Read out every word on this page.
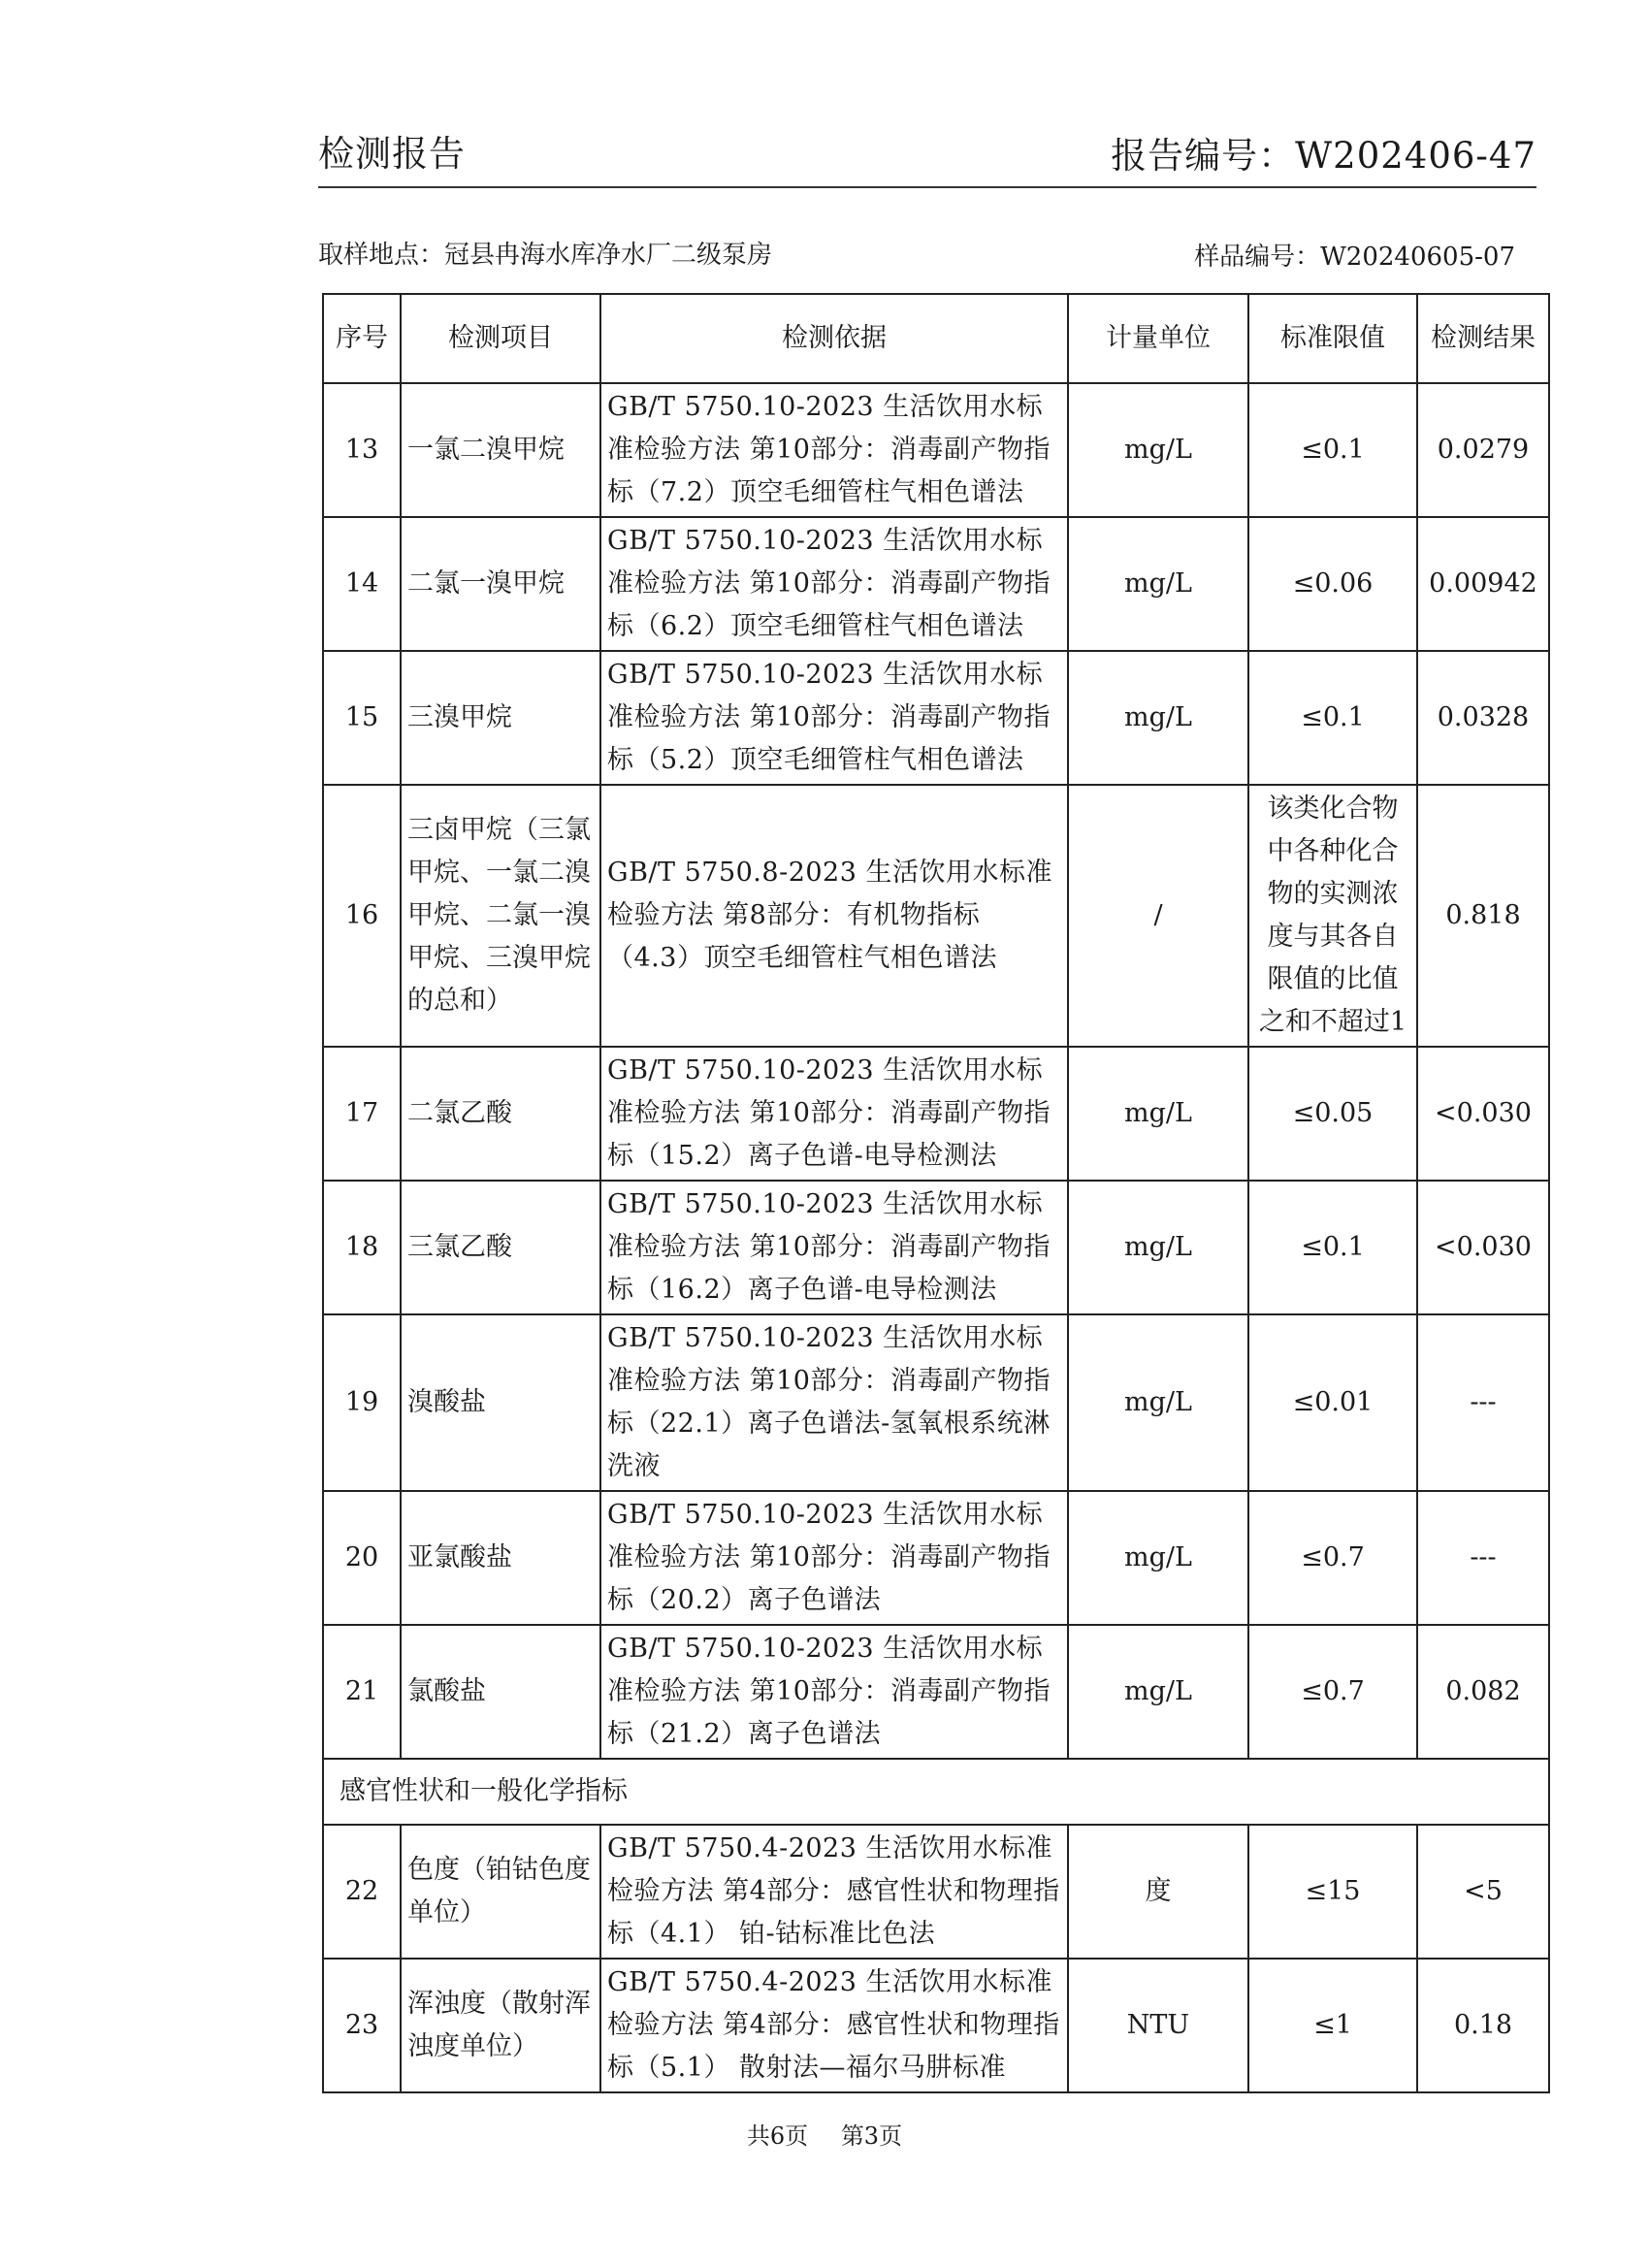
检测报告	报告编号：W202406-47
取样地点：冠县冉海水库净水厂二级泵房	样品编号：W20240605-07
序号	检测项目	检测依据	计量单位	标准限值	检测结果
13	一氯二溴甲烷	GB/T 5750.10-2023 生活饮用水标准检验方法 第10部分：消毒副产物指标（7.2）顶空毛细管柱气相色谱法	mg/L	≤0.1	0.0279
14	二氯一溴甲烷	GB/T 5750.10-2023 生活饮用水标准检验方法 第10部分：消毒副产物指标（6.2）顶空毛细管柱气相色谱法	mg/L	≤0.06	0.00942
15	三溴甲烷	GB/T 5750.10-2023 生活饮用水标准检验方法 第10部分：消毒副产物指标（5.2）顶空毛细管柱气相色谱法	mg/L	≤0.1	0.0328
16	三卤甲烷（三氯甲烷、一氯二溴甲烷、二氯一溴甲烷、三溴甲烷的总和）	GB/T 5750.8-2023 生活饮用水标准检验方法 第8部分：有机物指标（4.3）顶空毛细管柱气相色谱法	/	该类化合物中各种化合物的实测浓度与其各自限值的比值之和不超过1	0.818
17	二氯乙酸	GB/T 5750.10-2023 生活饮用水标准检验方法 第10部分：消毒副产物指标（15.2）离子色谱-电导检测法	mg/L	≤0.05	<0.030
18	三氯乙酸	GB/T 5750.10-2023 生活饮用水标准检验方法 第10部分：消毒副产物指标（16.2）离子色谱-电导检测法	mg/L	≤0.1	<0.030
19	溴酸盐	GB/T 5750.10-2023 生活饮用水标准检验方法 第10部分：消毒副产物指标（22.1）离子色谱法-氢氧根系统淋洗液	mg/L	≤0.01	---
20	亚氯酸盐	GB/T 5750.10-2023 生活饮用水标准检验方法 第10部分：消毒副产物指标（20.2）离子色谱法	mg/L	≤0.7	---
21	氯酸盐	GB/T 5750.10-2023 生活饮用水标准检验方法 第10部分：消毒副产物指标（21.2）离子色谱法	mg/L	≤0.7	0.082
感官性状和一般化学指标					
22	色度（铂钴色度单位）	GB/T 5750.4-2023 生活饮用水标准检验方法 第4部分：感官性状和物理指标（4.1） 铂-钴标准比色法	度	≤15	<5
23	浑浊度（散射浑浊度单位）	GB/T 5750.4-2023 生活饮用水标准检验方法 第4部分：感官性状和物理指标（5.1） 散射法—福尔马肼标准	NTU	≤1	0.18
共6页 第3页
